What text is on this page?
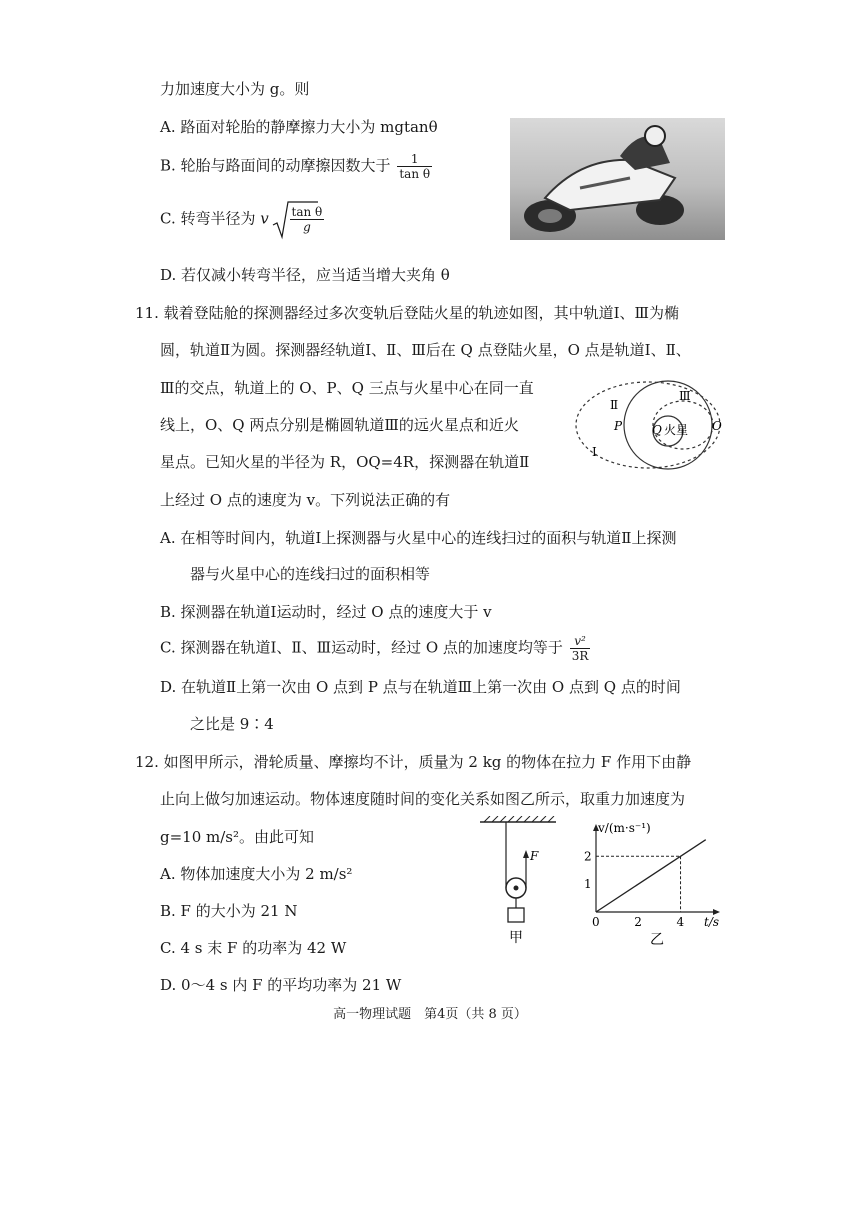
力加速度大小为 g。则
A. 路面对轮胎的静摩擦力大小为 mgtanθ
B. 轮胎与路面间的动摩擦因数大于 $\frac{1}{\text{tan θ}}$
C. 转弯半径为 v $\frac{\text{tan θ}}{g}$
D. 若仅减小转弯半径，应当适当增大夹角 θ
11. 载着登陆舱的探测器经过多次变轨后登陆火星的轨迹如图，其中轨道Ⅰ、Ⅲ为椭
圆，轨道Ⅱ为圆。探测器经轨道Ⅰ、Ⅱ、Ⅲ后在 Q 点登陆火星，O 点是轨道Ⅰ、Ⅱ、
Ⅲ的交点，轨道上的 O、P、Q 三点与火星中心在同一直
线上，O、Q 两点分别是椭圆轨道Ⅲ的远火星点和近火
星点。已知火星的半径为 R，OQ=4R，探测器在轨道Ⅱ
上经过 O 点的速度为 v。下列说法正确的有
Ⅱ
Ⅲ
Ⅰ
P Q 火星 O
A. 在相等时间内，轨道Ⅰ上探测器与火星中心的连线扫过的面积与轨道Ⅱ上探测
器与火星中心的连线扫过的面积相等
B. 探测器在轨道Ⅰ运动时，经过 O 点的速度大于 v
C. 探测器在轨道Ⅰ、Ⅱ、Ⅲ运动时，经过 O 点的加速度均等于 $\frac{\text{v²}}{3R}$
D. 在轨道Ⅱ上第一次由 O 点到 P 点与在轨道Ⅲ上第一次由 O 点到 Q 点的时间
之比是 9∶4
12. 如图甲所示，滑轮质量、摩擦均不计，质量为 2 kg 的物体在拉力 F 作用下由静
止向上做匀加速运动。物体速度随时间的变化关系如图乙所示，取重力加速度为
g=10 m/s²。由此可知
A. 物体加速度大小为 2 m/s²
B. F 的大小为 21 N
C. 4 s 末 F 的功率为 42 W
D. 0～4 s 内 F 的平均功率为 21 W
F
甲
0	2	4
1
2
t/s
v/(m·s⁻¹)
乙
高一物理试题　第4页（共 8 页）
